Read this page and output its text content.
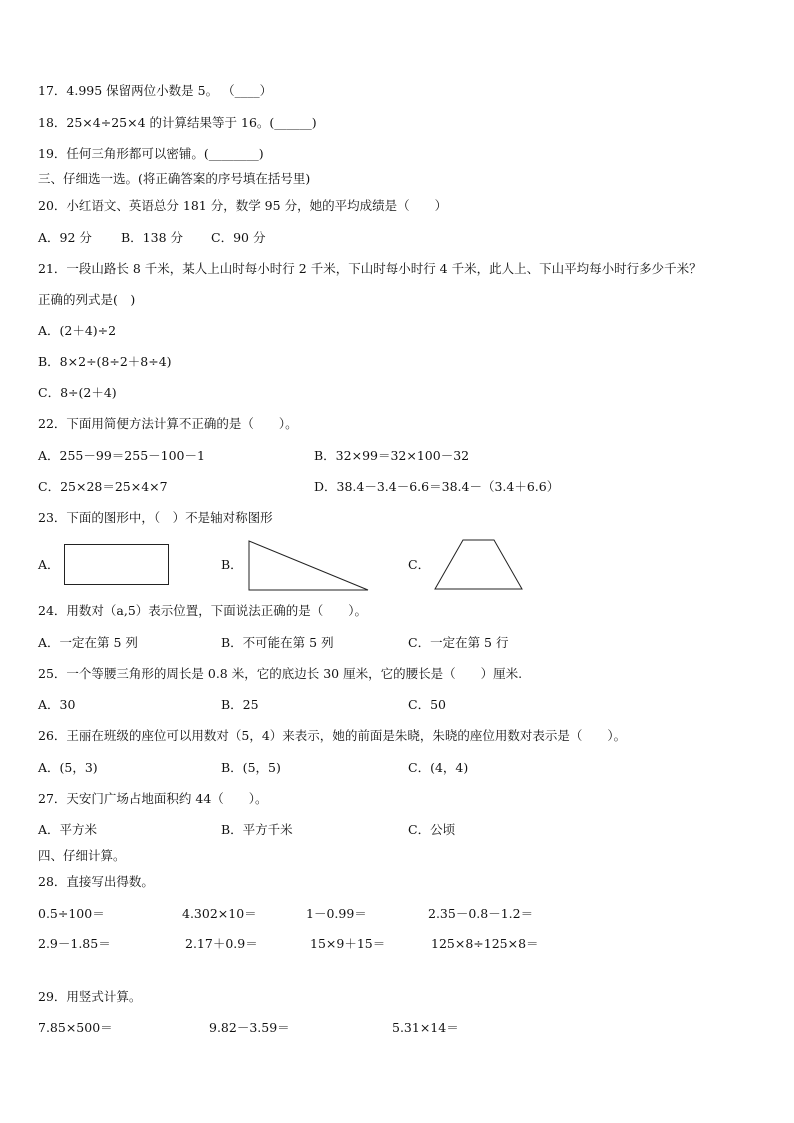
17．4.995 保留两位小数是 5。 （____）
18．25×4÷25×4 的计算结果等于 16。(______)
19．任何三角形都可以密铺。(________)
三、仔细选一选。(将正确答案的序号填在括号里)
20．小红语文、英语总分 181 分，数学 95 分，她的平均成绩是（　　）
A．92 分 B．138 分 C．90 分
21．一段山路长 8 千米，某人上山时每小时行 2 千米，下山时每小时行 4 千米，此人上、下山平均每小时行多少千米？
正确的列式是(　)
A．(2＋4)÷2
B．8×2÷(8÷2＋8÷4)
C．8÷(2＋4)
22．下面用简便方法计算不正确的是（　　）。
A．255－99＝255－100－1	B．32×99＝32×100－32
C．25×28＝25×4×7	D．38.4－3.4－6.6＝38.4－（3.4＋6.6）
23．下面的图形中，（　）不是轴对称图形
A．	B．	C．
24．用数对（a,5）表示位置，下面说法正确的是（　　）。
A．一定在第 5 列	B．不可能在第 5 列	C．一定在第 5 行
25．一个等腰三角形的周长是 0.8 米，它的底边长 30 厘米，它的腰长是（　　）厘米.
A．30	B．25	C．50
26．王丽在班级的座位可以用数对（5，4）来表示，她的前面是朱晓，朱晓的座位用数对表示是（　　）。
A．(5，3)	B．(5，5)	C．(4，4)
27．天安门广场占地面积约 44（　　）。
A．平方米	B．平方千米	C．公顷
四、仔细计算。
28．直接写出得数。
0.5÷100＝	4.302×10＝	1－0.99＝	2.35－0.8－1.2＝
2.9－1.85＝	2.17＋0.9＝	15×9＋15＝	125×8÷125×8＝
29．用竖式计算。
7.85×500＝	9.82－3.59＝	5.31×14＝
